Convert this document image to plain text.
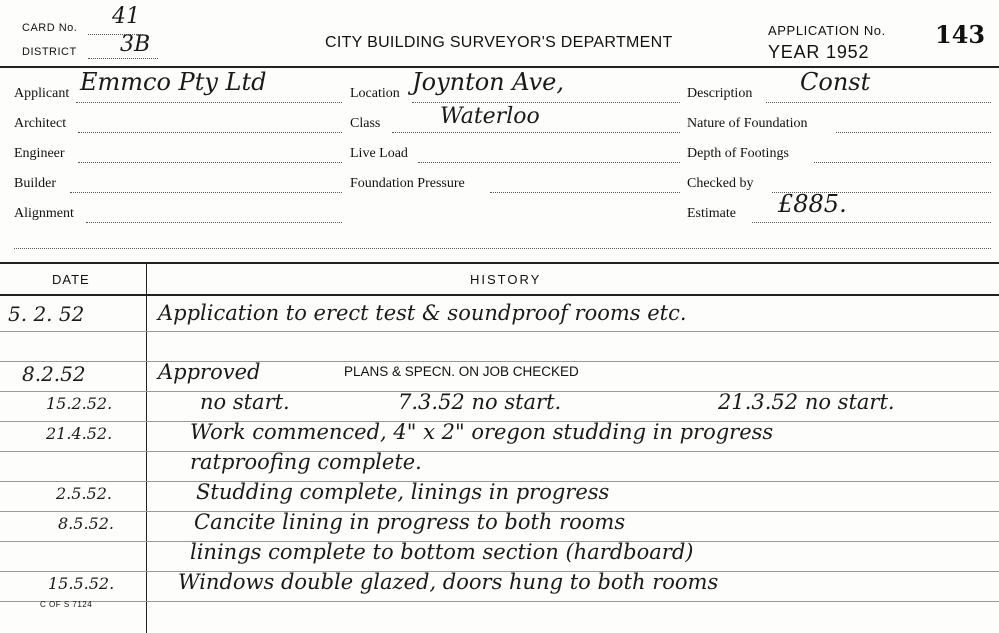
CARD No. 41
DISTRICT 3B	CITY BUILDING SURVEYOR'S DEPARTMENT
APPLICATION No.
YEAR 1952
143
Applicant Emmco Pty Ltd
Architect
Engineer
Builder
Alignment
Location Joynton Ave,
Class	Waterloo
Live Load
Foundation Pressure
Description Const
Nature of Foundation
Depth of Footings
Checked by
Estimate £885.
DATE	HISTORY
5. 2. 52	Application to erect test & soundproof rooms etc.
8.2.52	Approved	PLANS & SPECN. ON JOB CHECKED
15.2.52.	no start.	7.3.52 no start.	21.3.52 no start.
21.4.52.	Work commenced, 4" x 2" oregon studding in progress
ratproofing complete.
2.5.52.	Studding complete, linings in progress
8.5.52.	Cancite lining in progress to both rooms
linings complete to bottom section (hardboard)
15.5.52.	Windows double glazed, doors hung to both rooms
C OF S 7124
